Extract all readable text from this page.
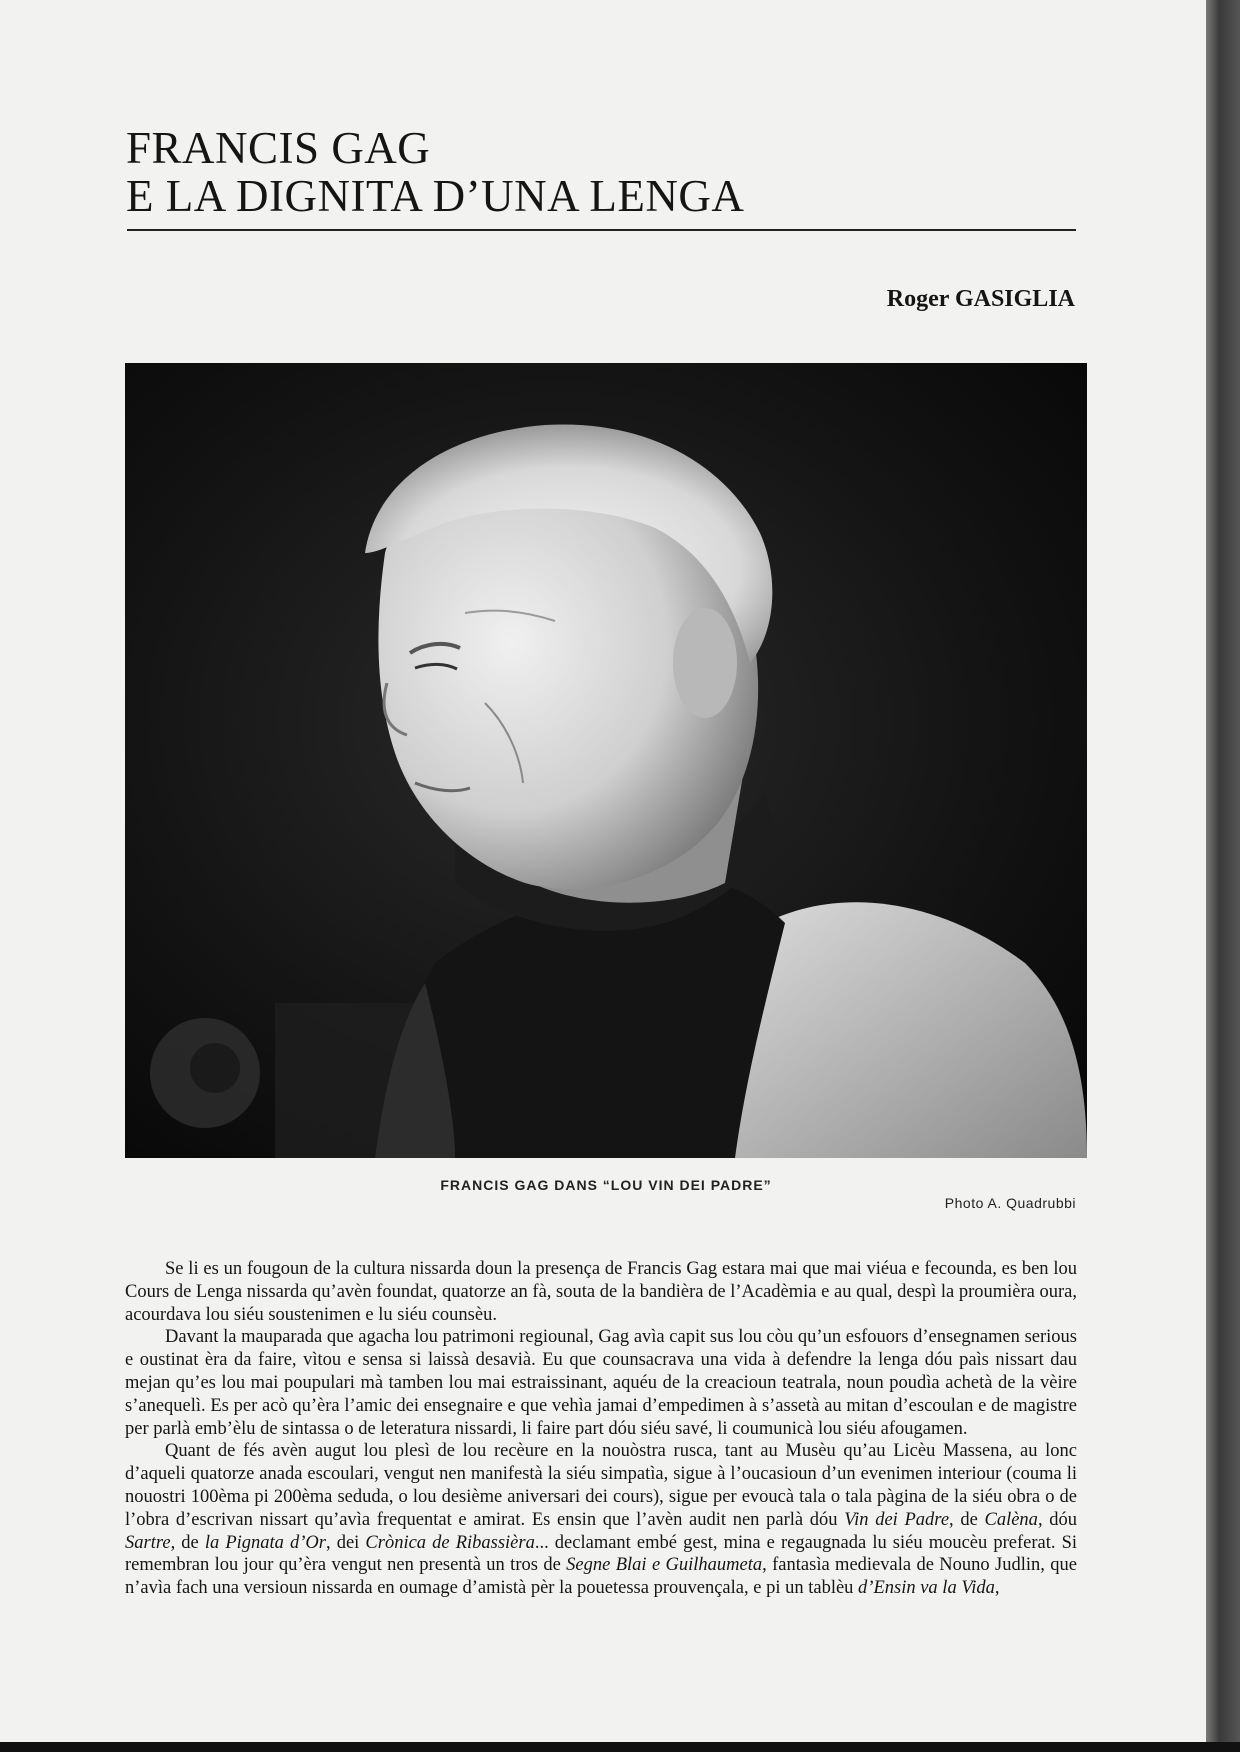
FRANCIS GAG
E LA DIGNITA D’UNA LENGA
Roger GASIGLIA
FRANCIS GAG DANS “LOU VIN DEI PADRE”
Photo A. Quadrubbi

Se li es un fougoun de la cultura nissarda doun la presença de Francis Gag estara mai que mai viéua e fecounda, es ben lou Cours de Lenga nissarda qu’avèn foundat, quatorze an fà, souta de la bandièra de l’Acadèmia e au qual, despì la proumièra oura, acourdava lou siéu soustenimen e lu siéu counsèu.

Davant la mauparada que agacha lou patrimoni regiounal, Gag avìa capit sus lou còu qu’un esfouors d’ensegnamen serious e oustinat èra da faire, vìtou e sensa si laissà desavià. Eu que counsacrava una vida à defendre la lenga dóu paìs nissart dau mejan qu’es lou mai poupulari mà tamben lou mai estraissinant, aquéu de la creacioun teatrala, noun poudìa achetà de la vèire s’anequelì. Es per acò qu’èra l’amic dei ensegnaire e que vehìa jamai d’empedimen à s’assetà au mitan d’escoulan e de magistre per parlà emb’èlu de sintassa o de leteratura nissardi, li faire part dóu siéu savé, li coumunicà lou siéu afougamen.

Quant de fés avèn augut lou plesì de lou recèure en la nouòstra rusca, tant au Musèu qu’au Licèu Massena, au lonc d’aqueli quatorze anada escoulari, vengut nen manifestà la siéu simpatìa, sigue à l’oucasioun d’un evenimen interiour (couma li nouostri 100èma pi 200èma seduda, o lou desième aniversari dei cours), sigue per evoucà tala o tala pàgina de la siéu obra o de l’obra d’escrivan nissart qu’avìa frequentat e amirat. Es ensin que l’avèn audit nen parlà dóu Vin dei Padre, de Calèna, dóu Sartre, de la Pignata d’Or, dei Crònica de Ribassièra... declamant embé gest, mina e regaugnada lu siéu moucèu preferat. Si remembran lou jour qu’èra vengut nen presentà un tros de Segne Blai e Guilhaumeta, fantasìa medievala de Nouno Judlin, que n’avìa fach una versioun nissarda en oumage d’amistà pèr la pouetessa prouvençala, e pi un tablèu d’Ensin va la Vida,
